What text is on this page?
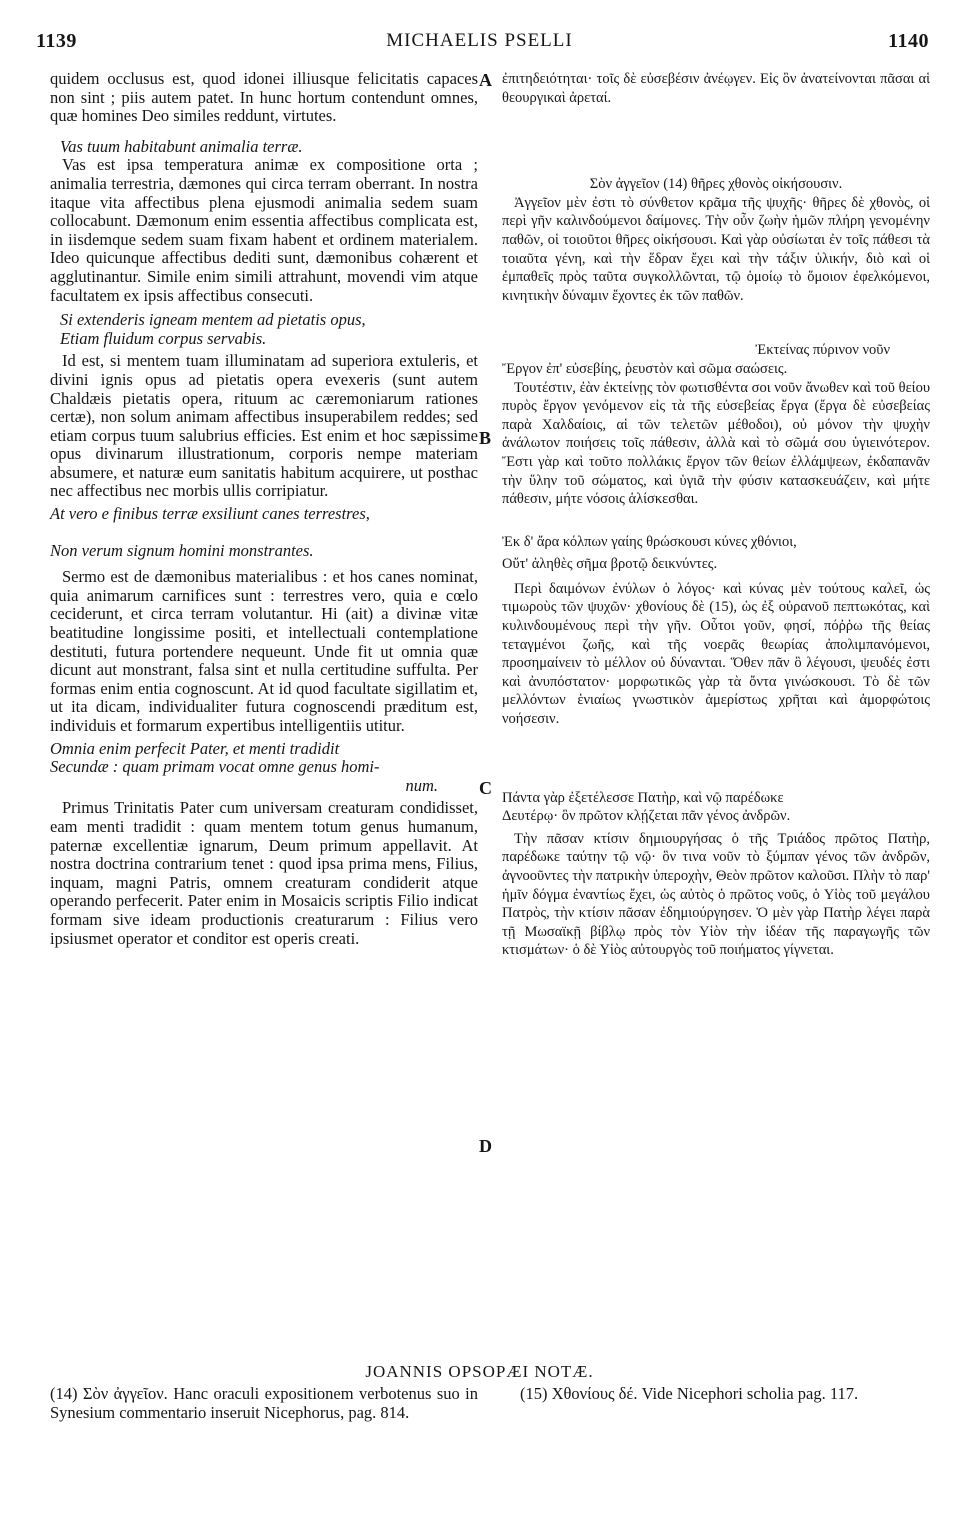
1139	MICHAELIS PSELLI	1140
A
B
C
D

quidem occlusus est, quod idonei illiusque felicitatis capaces non sint ; piis autem patet. In hunc hortum contendunt omnes, quæ homines Deo similes reddunt, virtutes.

Vas tuum habitabunt animalia terræ.

Vas est ipsa temperatura animæ ex compositione orta ; animalia terrestria, dæmones qui circa terram oberrant. In nostra itaque vita affectibus plena ejusmodi animalia sedem suam collocabunt. Dæmonum enim essentia affectibus complicata est, in iisdemque sedem suam fixam habent et ordinem materialem. Ideo quicunque affectibus dediti sunt, dæmonibus cohærent et agglutinantur. Simile enim simili attrahunt, movendi vim atque facultatem ex ipsis affectibus consecuti.

Si extenderis igneam mentem ad pietatis opus,

Etiam fluidum corpus servabis.

Id est, si mentem tuam illuminatam ad superiora extuleris, et divini ignis opus ad pietatis opera evexeris (sunt autem Chaldæis pietatis opera, rituum ac cæremoniarum rationes certæ), non solum animam affectibus insuperabilem reddes; sed etiam corpus tuum salubrius efficies. Est enim et hoc sæpissime opus divinarum illustrationum, corporis nempe materiam absumere, et naturæ eum sanitatis habitum acquirere, ut posthac nec affectibus nec morbis ullis corripiatur.

At vero e finibus terræ exsiliunt canes terrestres,

Non verum signum homini monstrantes.

Sermo est de dæmonibus materialibus : et hos canes nominat, quia animarum carnifices sunt : terrestres vero, quia e cœlo ceciderunt, et circa terram volutantur. Hi (ait) a divinæ vitæ beatitudine longissime positi, et intellectuali contemplatione destituti, futura portendere nequeunt. Unde fit ut omnia quæ dicunt aut monstrant, falsa sint et nulla certitudine suffulta. Per formas enim entia cognoscunt. At id quod facultate sigillatim et, ut ita dicam, individualiter futura cognoscendi præditum est, individuis et formarum expertibus intelligentiis utitur.

Omnia enim perfecit Pater, et menti tradidit

Secundæ : quam primam vocat omne genus homi-

num.

Primus Trinitatis Pater cum universam creaturam condidisset, eam menti tradidit : quam mentem totum genus humanum, paternæ excellentiæ ignarum, Deum primum appellavit. At nostra doctrina contrarium tenet : quod ipsa prima mens, Filius, inquam, magni Patris, omnem creaturam condiderit atque operando perfecerit. Pater enim in Mosaicis scriptis Filio indicat formam sive ideam productionis creaturarum : Filius vero ipsiusmet operator et conditor est operis creati.

ἐπιτηδειότηται· τοῖς δὲ εὐσεβέσιν ἀνέῳγεν. Εἰς ὃν ἀνατείνονται πᾶσαι αἱ θεουργικαὶ ἀρεταί.

Σὸν ἀγγεῖον (14) θῆρες χθονὸς οἰκήσουσιν.

Ἀγγεῖον μὲν ἐστι τὸ σύνθετον κρᾶμα τῆς ψυχῆς· θῆρες δὲ χθονὸς, οἱ περὶ γῆν καλινδούμενοι δαίμονες. Τὴν οὖν ζωὴν ἡμῶν πλήρη γενομένην παθῶν, οἱ τοιοῦτοι θῆρες οἰκήσουσι. Καὶ γὰρ οὐσίωται ἐν τοῖς πάθεσι τὰ τοιαῦτα γένη, καὶ τὴν ἕδραν ἔχει καὶ τὴν τάξιν ὑλικήν, διὸ καὶ οἱ ἐμπαθεῖς πρὸς ταῦτα συγκολλῶνται, τῷ ὁμοίῳ τὸ ὅμοιον ἐφελκόμενοι, κινητικὴν δύναμιν ἔχοντες ἐκ τῶν παθῶν.

Ἐκτείνας πύρινον νοῦν

Ἔργον ἐπ' εὐσεβίης, ῥευστὸν καὶ σῶμα σαώσεις.

Τουτέστιν, ἐὰν ἐκτείνῃς τὸν φωτισθέντα σοι νοῦν ἄνωθεν καὶ τοῦ θείου πυρὸς ἔργον γενόμενον εἰς τὰ τῆς εὐσεβείας ἔργα (ἔργα δὲ εὐσεβείας παρὰ Χαλδαίοις, αἱ τῶν τελετῶν μέθοδοι), οὐ μόνον τὴν ψυχὴν ἀνάλωτον ποιήσεις τοῖς πάθεσιν, ἀλλὰ καὶ τὸ σῶμά σου ὑγιεινότερον. Ἔστι γὰρ καὶ τοῦτο πολλάκις ἔργον τῶν θείων ἐλλάμψεων, ἐκδαπανᾶν τὴν ὕλην τοῦ σώματος, καὶ ὑγιᾶ τὴν φύσιν κατασκευάζειν, καὶ μήτε πάθεσιν, μήτε νόσοις ἁλίσκεσθαι.

Ἐκ δ' ἄρα κόλπων γαίης θρώσκουσι κύνες χθόνιοι,

Οὔτ' ἀληθὲς σῆμα βροτῷ δεικνύντες.

Περὶ δαιμόνων ἐνύλων ὁ λόγος· καὶ κύνας μὲν τούτους καλεῖ, ὡς τιμωροὺς τῶν ψυχῶν· χθονίους δὲ (15), ὡς ἐξ οὐρανοῦ πεπτωκότας, καὶ κυλινδουμένους περὶ τὴν γῆν. Οὗτοι γοῦν, φησί, πόῤῥω τῆς θείας τεταγμένοι ζωῆς, καὶ τῆς νοερᾶς θεωρίας ἀπολιμπανόμενοι, προσημαίνειν τὸ μέλλον οὐ δύνανται. Ὅθεν πᾶν ὃ λέγουσι, ψευδές ἐστι καὶ ἀνυπόστατον· μορφωτικῶς γὰρ τὰ ὄντα γινώσκουσι. Τὸ δὲ τῶν μελλόντων ἑνιαίως γνωστικὸν ἀμερίστως χρῆται καὶ ἀμορφώτοις νοήσεσιν.

Πάντα γὰρ ἐξετέλεσσε Πατὴρ, καὶ νῷ παρέδωκε

Δευτέρῳ· ὃν πρῶτον κλῄζεται πᾶν γένος ἀνδρῶν.

Τὴν πᾶσαν κτίσιν δημιουργήσας ὁ τῆς Τριάδος πρῶτος Πατὴρ, παρέδωκε ταύτην τῷ νῷ· ὃν τινα νοῦν τὸ ξύμπαν γένος τῶν ἀνδρῶν, ἀγνοοῦντες τὴν πατρικὴν ὑπεροχὴν, Θεὸν πρῶτον καλοῦσι. Πλὴν τὸ παρ' ἡμῖν δόγμα ἐναντίως ἔχει, ὡς αὐτὸς ὁ πρῶτος νοῦς, ὁ Υἱὸς τοῦ μεγάλου Πατρὸς, τὴν κτίσιν πᾶσαν ἐδημιούργησεν. Ὁ μὲν γὰρ Πατὴρ λέγει παρὰ τῇ Μωσαϊκῇ βίβλῳ πρὸς τὸν Υἱὸν τὴν ἰδέαν τῆς παραγωγῆς τῶν κτισμάτων· ὁ δὲ Υἱὸς αὐτουργὸς τοῦ ποιήματος γίγνεται.

JOANNIS OPSOPÆI NOTÆ.
(14) Σὸν ἀγγεῖον. Hanc oraculi expositionem verbotenus suo in Synesium commentario inseruit Nicephorus, pag. 814.
(15) Χθονίους δέ. Vide Nicephori scholia pag. 117.
